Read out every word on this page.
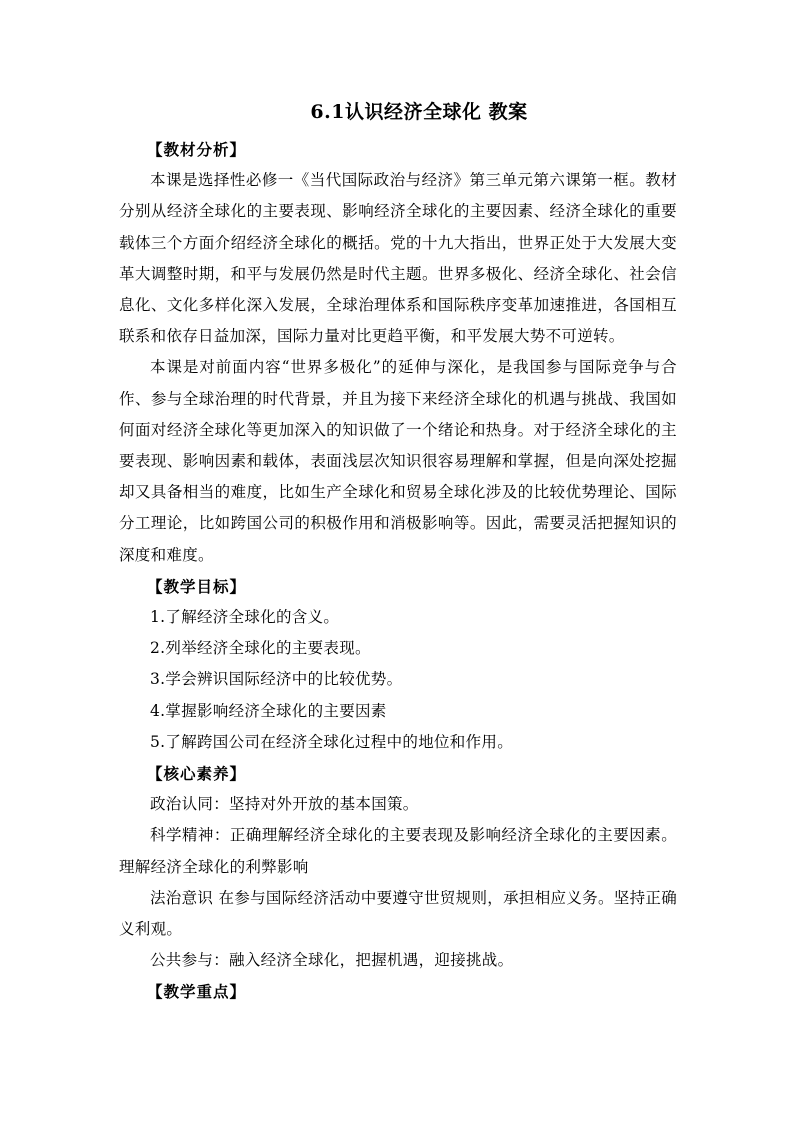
6.1认识经济全球化 教案

【教材分析】

本课是选择性必修一《当代国际政治与经济》第三单元第六课第一框。教材分别从经济全球化的主要表现、影响经济全球化的主要因素、经济全球化的重要载体三个方面介绍经济全球化的概括。党的十九大指出，世界正处于大发展大变革大调整时期，和平与发展仍然是时代主题。世界多极化、经济全球化、社会信息化、文化多样化深入发展，全球治理体系和国际秩序变革加速推进，各国相互联系和依存日益加深，国际力量对比更趋平衡，和平发展大势不可逆转。

本课是对前面内容“世界多极化”的延伸与深化，是我国参与国际竞争与合作、参与全球治理的时代背景，并且为接下来经济全球化的机遇与挑战、我国如何面对经济全球化等更加深入的知识做了一个绪论和热身。对于经济全球化的主要表现、影响因素和载体，表面浅层次知识很容易理解和掌握，但是向深处挖掘却又具备相当的难度，比如生产全球化和贸易全球化涉及的比较优势理论、国际分工理论，比如跨国公司的积极作用和消极影响等。因此，需要灵活把握知识的深度和难度。

【教学目标】

1.了解经济全球化的含义。

2.列举经济全球化的主要表现。

3.学会辨识国际经济中的比较优势。

4.掌握影响经济全球化的主要因素

5.了解跨国公司在经济全球化过程中的地位和作用。

【核心素养】

政治认同：坚持对外开放的基本国策。

科学精神：正确理解经济全球化的主要表现及影响经济全球化的主要因素。理解经济全球化的利弊影响

法治意识 在参与国际经济活动中要遵守世贸规则，承担相应义务。坚持正确义利观。

公共参与：融入经济全球化，把握机遇，迎接挑战。

【教学重点】
